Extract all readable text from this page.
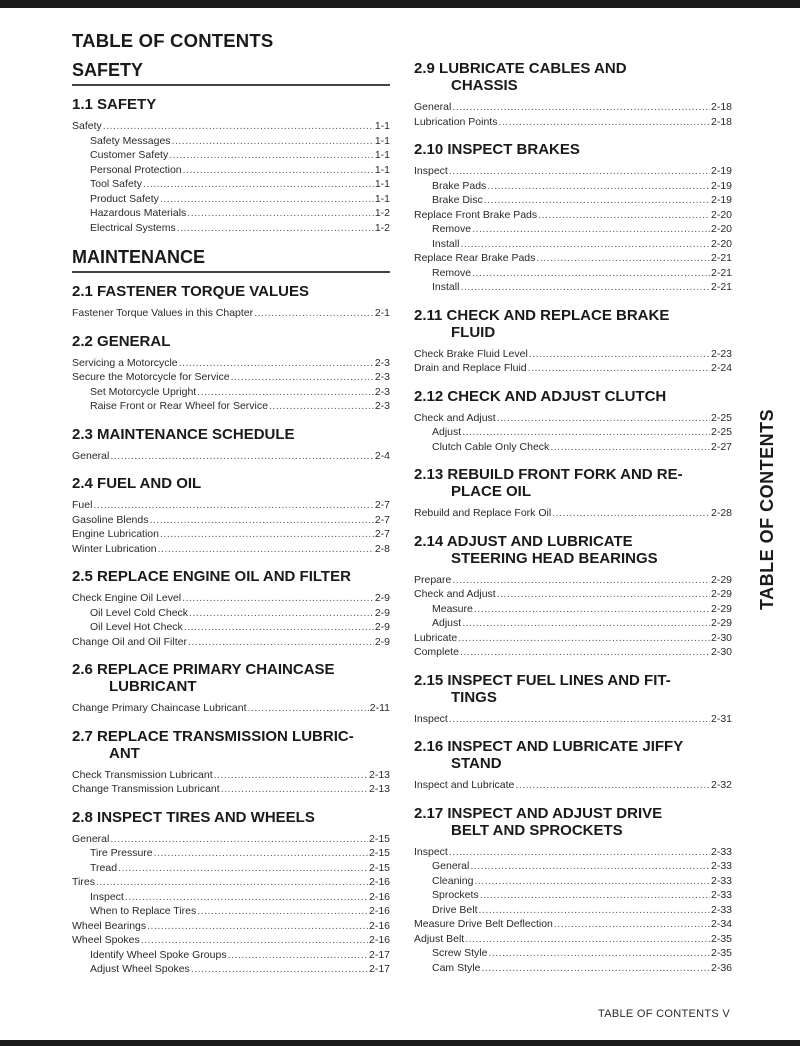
TABLE OF CONTENTS
SAFETY
1.1 SAFETY
Safety .....	1-1
Safety Messages .....	1-1
Customer Safety .....	1-1
Personal Protection .....	1-1
Tool Safety .....	1-1
Product Safety .....	1-1
Hazardous Materials .....	1-2
Electrical Systems .....	1-2
MAINTENANCE
2.1 FASTENER TORQUE VALUES
Fastener Torque Values in this Chapter .....	2-1
2.2 GENERAL
Servicing a Motorcycle .....	2-3
Secure the Motorcycle for Service .....	2-3
Set Motorcycle Upright .....	2-3
Raise Front or Rear Wheel for Service .....	2-3
2.3 MAINTENANCE SCHEDULE
General .....	2-4
2.4 FUEL AND OIL
Fuel .....	2-7
Gasoline Blends .....	2-7
Engine Lubrication .....	2-7
Winter Lubrication .....	2-8
2.5 REPLACE ENGINE OIL AND FILTER
Check Engine Oil Level .....	2-9
Oil Level Cold Check .....	2-9
Oil Level Hot Check .....	2-9
Change Oil and Oil Filter .....	2-9
2.6 REPLACE PRIMARY CHAINCASE
LUBRICANT
Change Primary Chaincase Lubricant .....	2-11
2.7 REPLACE TRANSMISSION LUBRIC-
ANT
Check Transmission Lubricant .....	2-13
Change Transmission Lubricant .....	2-13
2.8 INSPECT TIRES AND WHEELS
General .....	2-15
Tire Pressure .....	2-15
Tread .....	2-15
Tires .....	2-16
Inspect .....	2-16
When to Replace Tires .....	2-16
Wheel Bearings .....	2-16
Wheel Spokes .....	2-16
Identify Wheel Spoke Groups .....	2-17
Adjust Wheel Spokes .....	2-17
2.9 LUBRICATE CABLES AND
CHASSIS
General .....	2-18
Lubrication Points .....	2-18
2.10 INSPECT BRAKES
Inspect .....	2-19
Brake Pads .....	2-19
Brake Disc .....	2-19
Replace Front Brake Pads .....	2-20
Remove .....	2-20
Install .....	2-20
Replace Rear Brake Pads .....	2-21
Remove .....	2-21
Install .....	2-21
2.11 CHECK AND REPLACE BRAKE
FLUID
Check Brake Fluid Level .....	2-23
Drain and Replace Fluid .....	2-24
2.12 CHECK AND ADJUST CLUTCH
Check and Adjust .....	2-25
Adjust .....	2-25
Clutch Cable Only Check .....	2-27
2.13 REBUILD FRONT FORK AND RE-
PLACE OIL
Rebuild and Replace Fork Oil .....	2-28
2.14 ADJUST AND LUBRICATE
STEERING HEAD BEARINGS
Prepare .....	2-29
Check and Adjust .....	2-29
Measure .....	2-29
Adjust .....	2-29
Lubricate .....	2-30
Complete .....	2-30
2.15 INSPECT FUEL LINES AND FIT-
TINGS
Inspect .....	2-31
2.16 INSPECT AND LUBRICATE JIFFY
STAND
Inspect and Lubricate .....	2-32
2.17 INSPECT AND ADJUST DRIVE
BELT AND SPROCKETS
Inspect .....	2-33
General .....	2-33
Cleaning .....	2-33
Sprockets .....	2-33
Drive Belt .....	2-33
Measure Drive Belt Deflection .....	2-34
Adjust Belt .....	2-35
Screw Style .....	2-35
Cam Style .....	2-36
TABLE OF CONTENTS
TABLE OF CONTENTS V
